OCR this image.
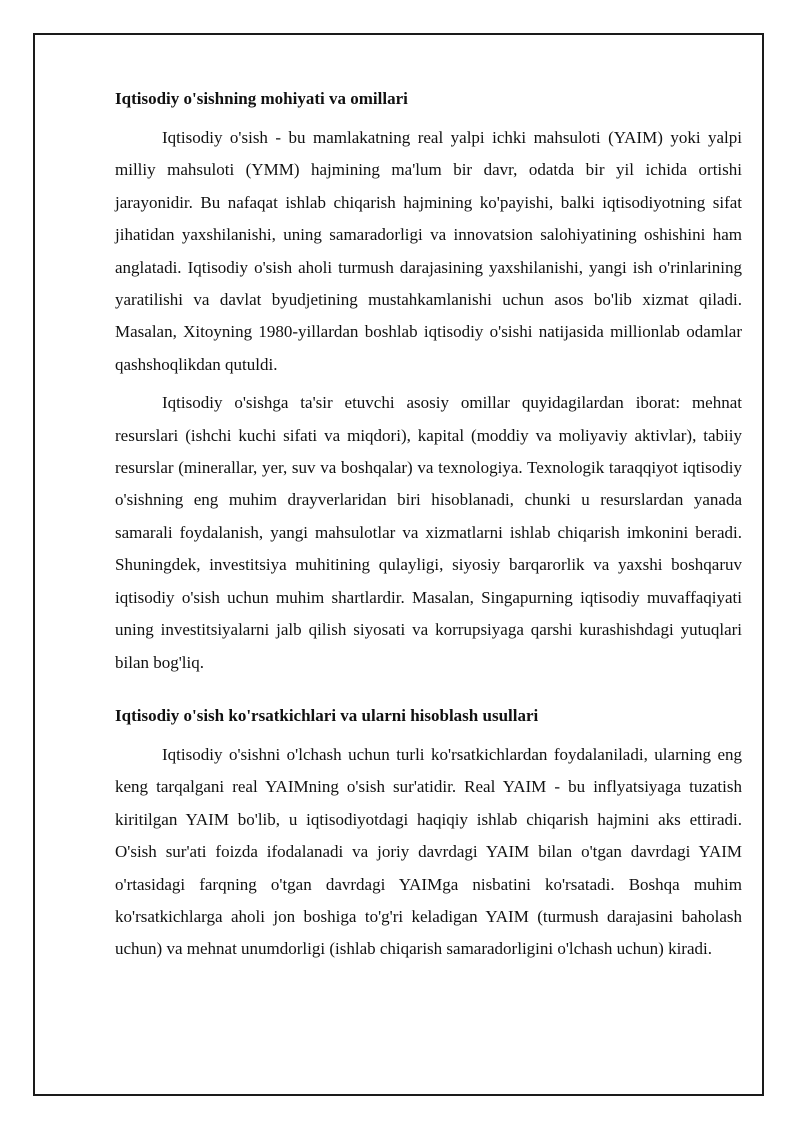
Iqtisodiy o'sishning mohiyati va omillari

Iqtisodiy o'sish - bu mamlakatning real yalpi ichki mahsuloti (YAIM) yoki yalpi milliy mahsuloti (YMM) hajmining ma'lum bir davr, odatda bir yil ichida ortishi jarayonidir. Bu nafaqat ishlab chiqarish hajmining ko'payishi, balki iqtisodiyotning sifat jihatidan yaxshilanishi, uning samaradorligi va innovatsion salohiyatining oshishini ham anglatadi. Iqtisodiy o'sish aholi turmush darajasining yaxshilanishi, yangi ish o'rinlarining yaratilishi va davlat byudjetining mustahkamlanishi uchun asos bo'lib xizmat qiladi. Masalan, Xitoyning 1980-yillardan boshlab iqtisodiy o'sishi natijasida millionlab odamlar qashshoqlikdan qutuldi.

Iqtisodiy o'sishga ta'sir etuvchi asosiy omillar quyidagilardan iborat: mehnat resurslari (ishchi kuchi sifati va miqdori), kapital (moddiy va moliyaviy aktivlar), tabiiy resurslar (minerallar, yer, suv va boshqalar) va texnologiya. Texnologik taraqqiyot iqtisodiy o'sishning eng muhim drayverlaridan biri hisoblanadi, chunki u resurslardan yanada samarali foydalanish, yangi mahsulotlar va xizmatlarni ishlab chiqarish imkonini beradi. Shuningdek, investitsiya muhitining qulayligi, siyosiy barqarorlik va yaxshi boshqaruv iqtisodiy o'sish uchun muhim shartlardir. Masalan, Singapurning iqtisodiy muvaffaqiyati uning investitsiyalarni jalb qilish siyosati va korrupsiyaga qarshi kurashishdagi yutuqlari bilan bog'liq.

Iqtisodiy o'sish ko'rsatkichlari va ularni hisoblash usullari

Iqtisodiy o'sishni o'lchash uchun turli ko'rsatkichlardan foydalaniladi, ularning eng keng tarqalgani real YAIMning o'sish sur'atidir. Real YAIM - bu inflyatsiyaga tuzatish kiritilgan YAIM bo'lib, u iqtisodiyotdagi haqiqiy ishlab chiqarish hajmini aks ettiradi. O'sish sur'ati foizda ifodalanadi va joriy davrdagi YAIM bilan o'tgan davrdagi YAIM o'rtasidagi farqning o'tgan davrdagi YAIMga nisbatini ko'rsatadi. Boshqa muhim ko'rsatkichlarga aholi jon boshiga to'g'ri keladigan YAIM (turmush darajasini baholash uchun) va mehnat unumdorligi (ishlab chiqarish samaradorligini o'lchash uchun) kiradi.
